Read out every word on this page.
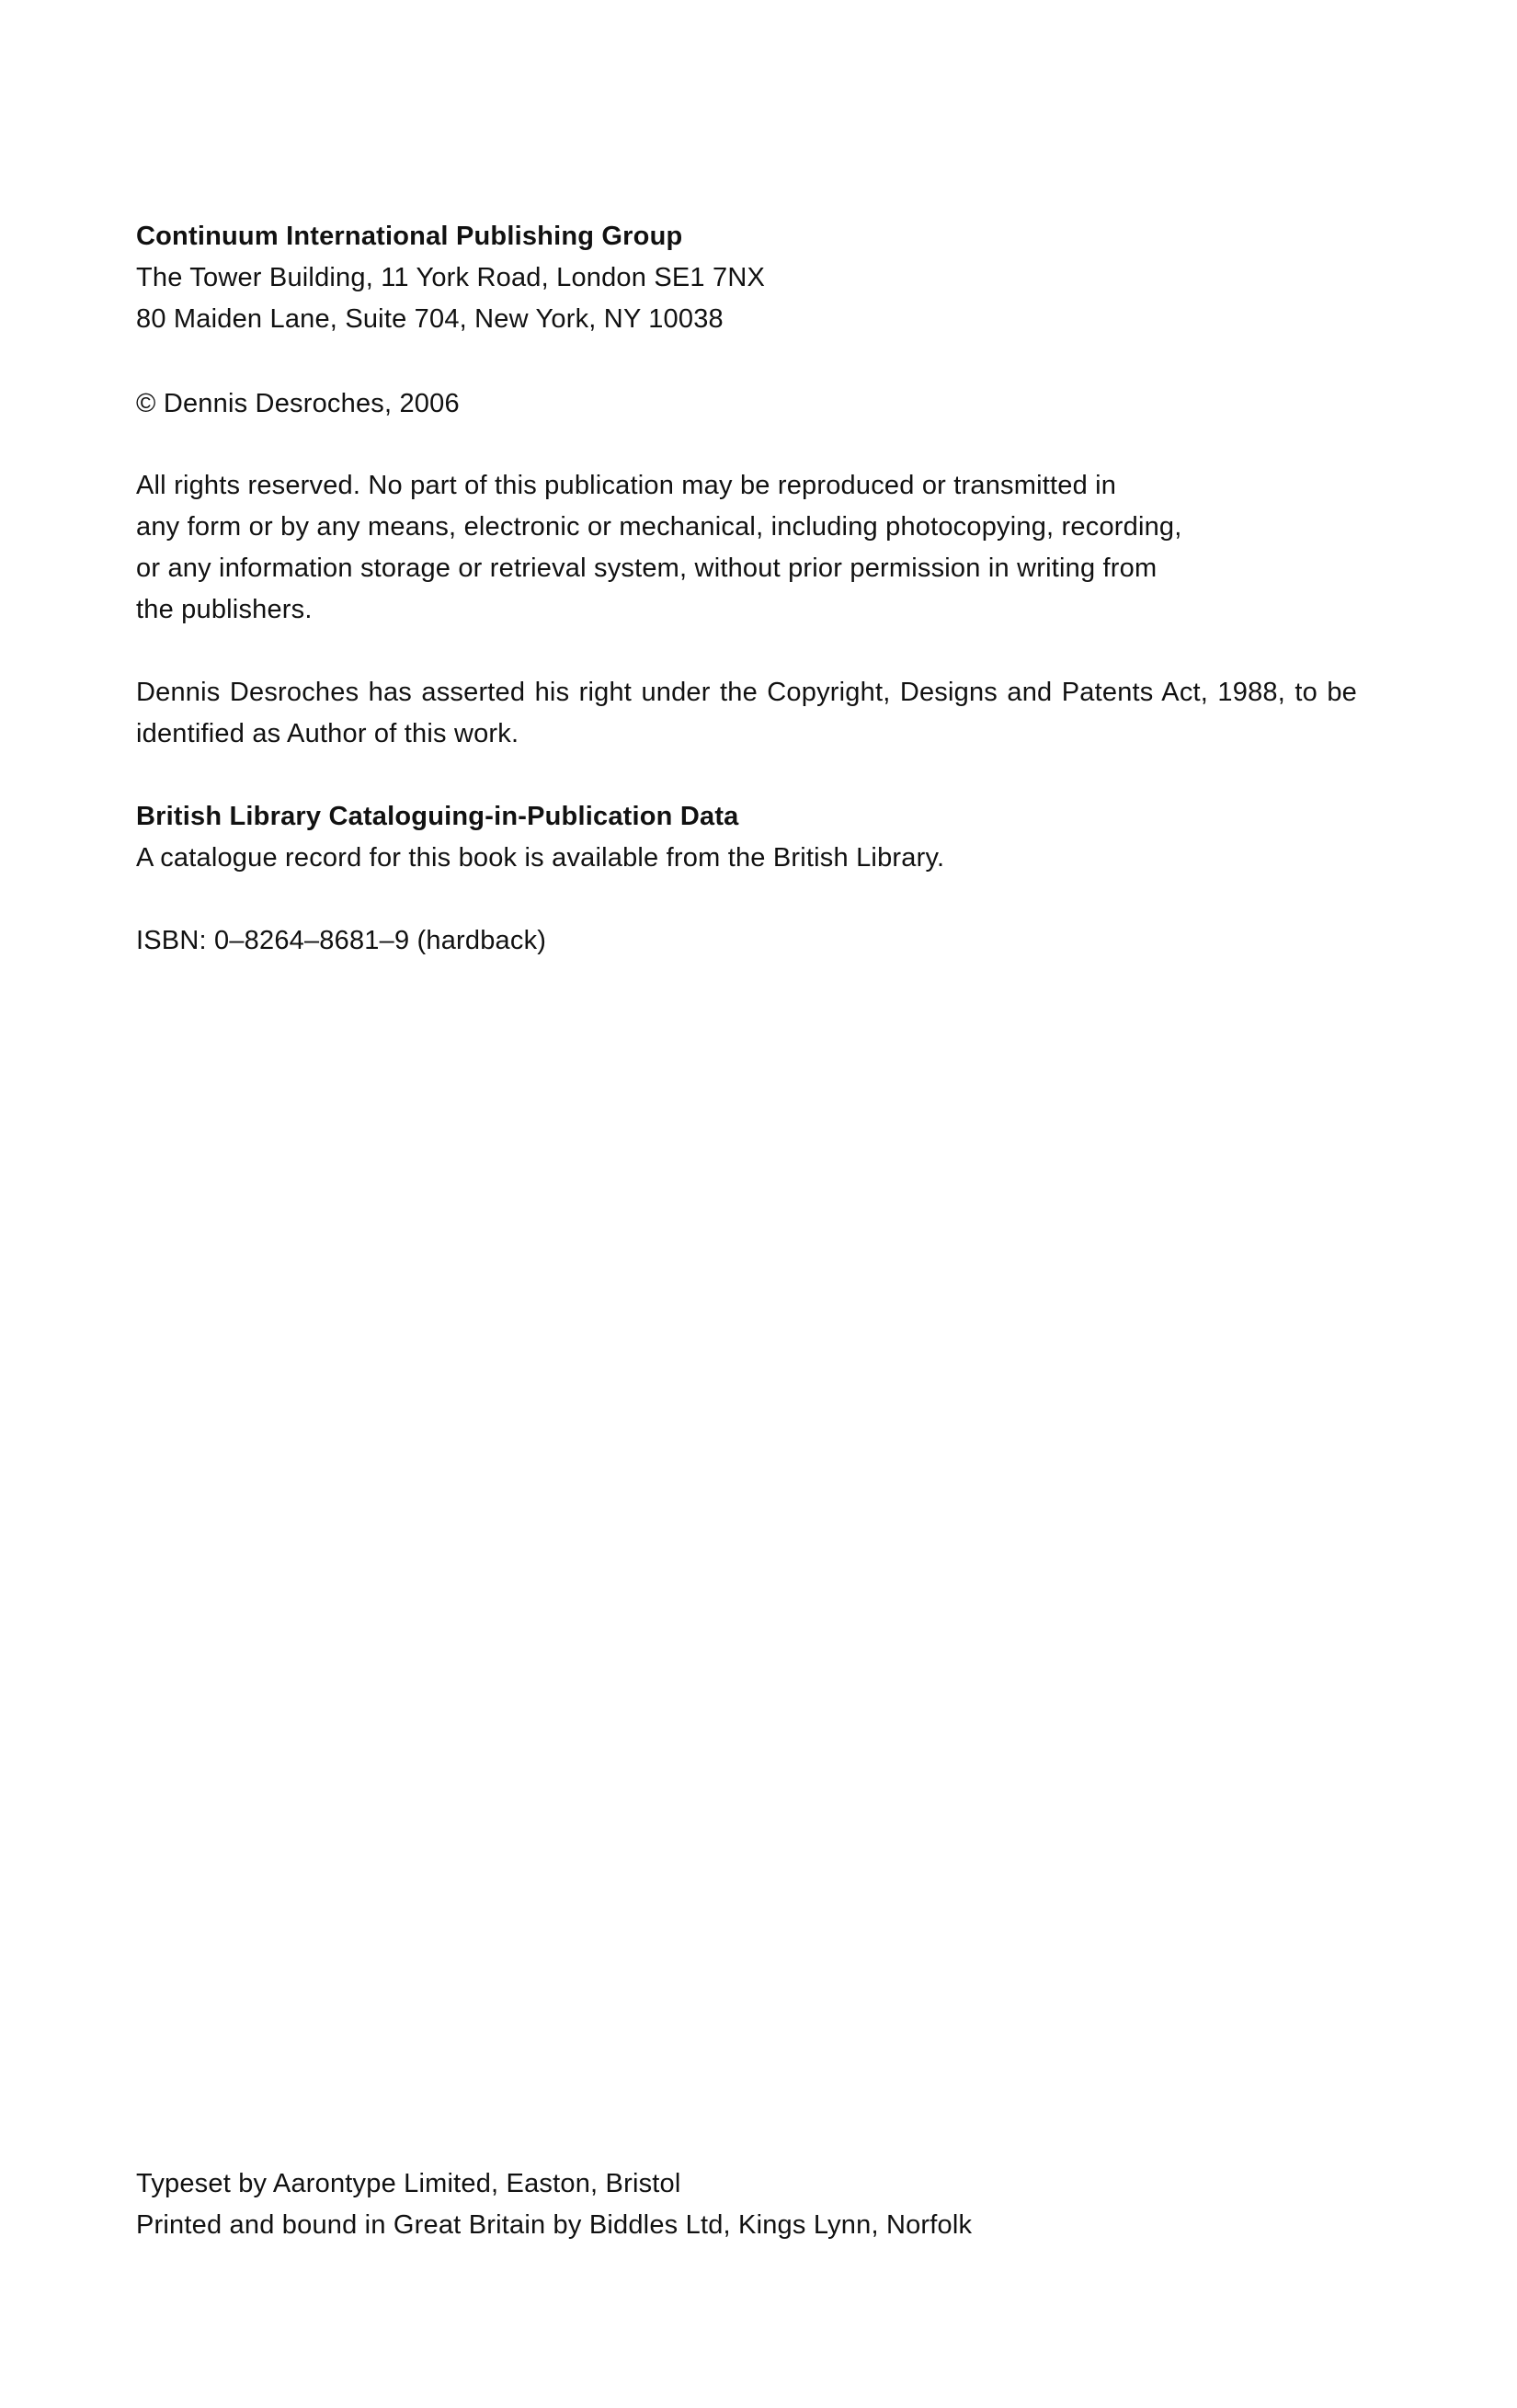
Continuum International Publishing Group
The Tower Building, 11 York Road, London SE1 7NX
80 Maiden Lane, Suite 704, New York, NY 10038
© Dennis Desroches, 2006
All rights reserved. No part of this publication may be reproduced or transmitted in
any form or by any means, electronic or mechanical, including photocopying, recording,
or any information storage or retrieval system, without prior permission in writing from
the publishers.
Dennis Desroches has asserted his right under the Copyright, Designs and Patents Act, 1988, to be
identified as Author of this work.
British Library Cataloguing-in-Publication Data
A catalogue record for this book is available from the British Library.
ISBN: 0–8264–8681–9 (hardback)
Typeset by Aarontype Limited, Easton, Bristol
Printed and bound in Great Britain by Biddles Ltd, Kings Lynn, Norfolk
